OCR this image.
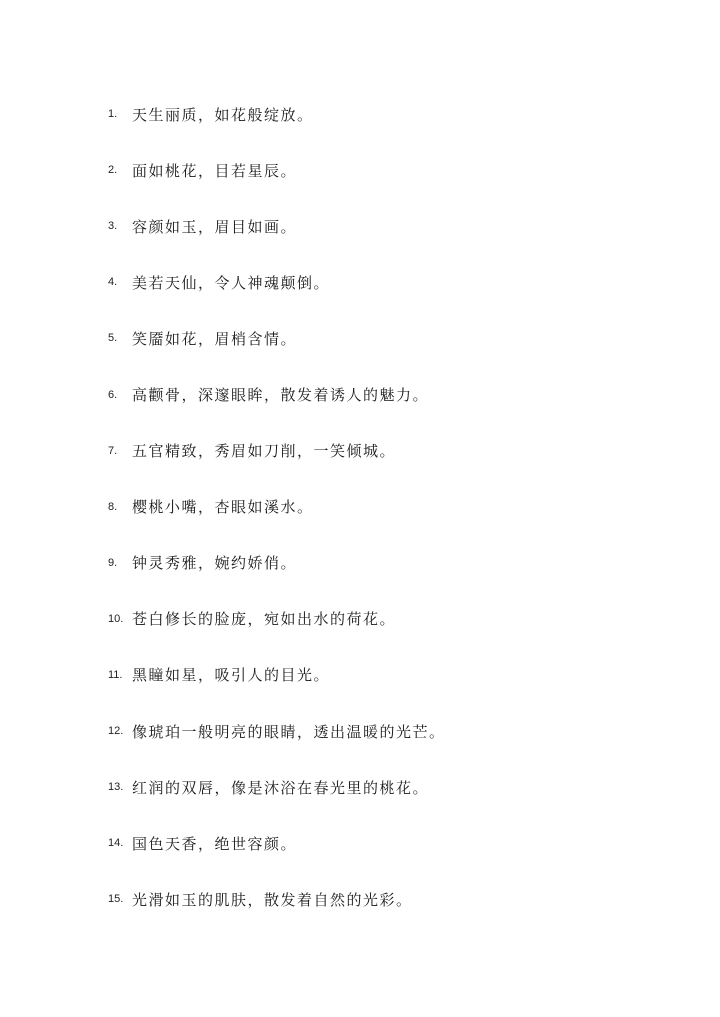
1. 天生丽质，如花般绽放。
2. 面如桃花，目若星辰。
3. 容颜如玉，眉目如画。
4. 美若天仙，令人神魂颠倒。
5. 笑靥如花，眉梢含情。
6. 高颧骨，深邃眼眸，散发着诱人的魅力。
7. 五官精致，秀眉如刀削，一笑倾城。
8. 樱桃小嘴，杏眼如溪水。
9. 钟灵秀雅，婉约娇俏。
10. 苍白修长的脸庞，宛如出水的荷花。
11. 黑瞳如星，吸引人的目光。
12. 像琥珀一般明亮的眼睛，透出温暖的光芒。
13. 红润的双唇，像是沐浴在春光里的桃花。
14. 国色天香，绝世容颜。
15. 光滑如玉的肌肤，散发着自然的光彩。
